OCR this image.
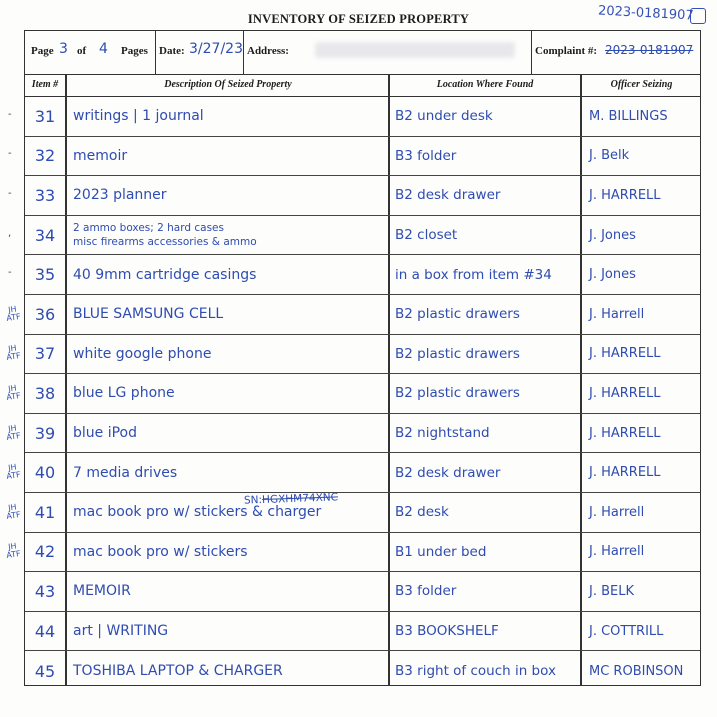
INVENTORY OF SEIZED PROPERTY	2023-0181907
Page 3 of 4 Pages Date: 3/27/23 Address:	Complaint #: 2023-0181907
Item #	Description Of Seized Property	Location Where Found	Officer Seizing
31	writings | 1 journal	B2 under desk	M. BILLINGS
32	memoir	B3 folder	J. Belk
33	2023 planner	B2 desk drawer	J. HARRELL
34	2 ammo boxes; 2 hard cases
misc firearms accessories & ammo	B2 closet	J. Jones
35	40 9mm cartridge casings	in a box from item #34	J. Jones
36	BLUE SAMSUNG CELL	B2 plastic drawers	J. Harrell
37	white google phone	B2 plastic drawers	J. HARRELL
38	blue LG phone	B2 plastic drawers	J. HARRELL
39	blue iPod	B2 nightstand	J. HARRELL
40	7 media drives	B2 desk drawer	J. HARRELL
41	mac book pro w/ stickers & charger	B2 desk	J. Harrell
42	mac book pro w/ stickers	B1 under bed	J. Harrell
43	MEMOIR	B3 folder	J. BELK
44	art | WRITING	B3 BOOKSHELF	J. COTTRILL
45	TOSHIBA LAPTOP & CHARGER	B3 right of couch in box	MC ROBINSON
SN:HGXHM74XNC
-
-
-
,
-
JH ATF
JH ATF
JH ATF
JH ATF
JH ATF
JH ATF
JH ATF
